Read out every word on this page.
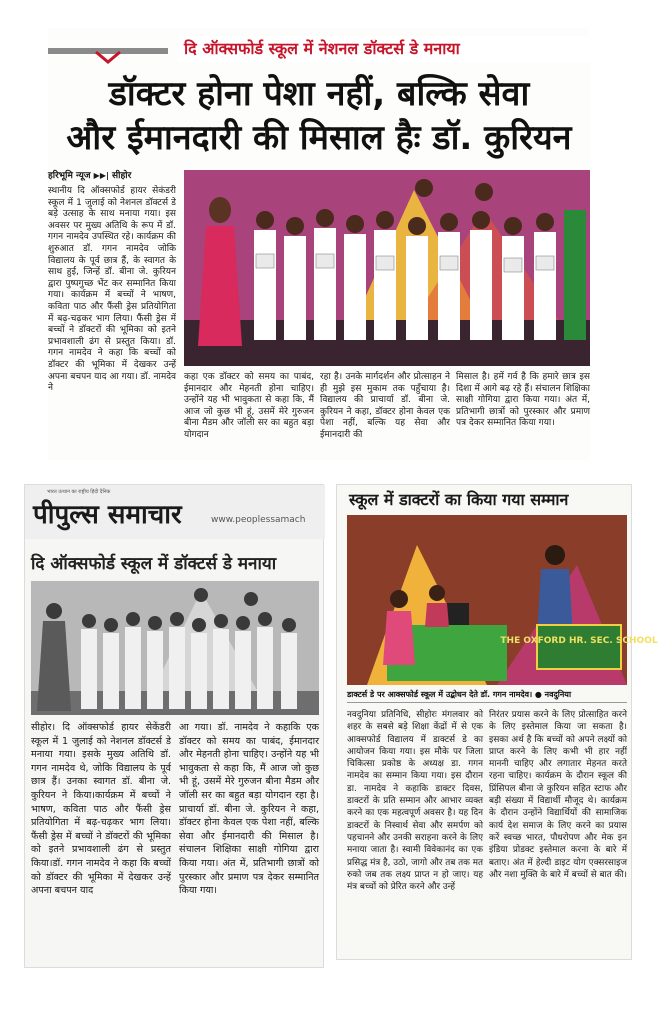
दि ऑक्सफोर्ड स्कूल में नेशनल डॉक्टर्स डे मनाया
डॉक्टर होना पेशा नहीं, बल्कि सेवा
और ईमानदारी की मिसाल हैः डॉ. कुरियन
हरिभूमि न्यूज ▶▶| सीहोर
स्थानीय दि ऑक्सफोर्ड हायर सेकंडरी स्कूल में 1 जुलाई को नेशनल डॉक्टर्स डे बड़े उत्साह के साथ मनाया गया। इस अवसर पर मुख्य अतिथि के रूप में डॉ. गगन नामदेव उपस्थित रहे। कार्यक्रम की शुरुआत डॉ. गगन नामदेव जोकि विद्यालय के पूर्व छात्र हैं, के स्वागत के साथ हुई, जिन्हें डॉ. बीना जे. कुरियन द्वारा पुष्पगुच्छ भेंट कर सम्मानित किया गया। कार्यक्रम में बच्चों ने भाषण, कविता पाठ और फैंसी ड्रेस प्रतियोगिता में बढ़-चढ़कर भाग लिया। फैंसी ड्रेस में बच्चों ने डॉक्टरों की भूमिका को इतने प्रभावशाली ढंग से प्रस्तुत किया। डॉ. गगन नामदेव ने कहा कि बच्चों को डॉक्टर की भूमिका में देखकर उन्हें अपना बचपन याद आ गया। डॉ. नामदेव ने
कहा एक डॉक्टर को समय का पाबंद, ईमानदार और मेहनती होना चाहिए। उन्होंने यह भी भावुकता से कहा कि, मैं आज जो कुछ भी हूं, उसमें मेरे गुरुजन बीना मैडम और जॉली सर का बहुत बड़ा योगदान
रहा है। उनके मार्गदर्शन और प्रोत्साहन ने ही मुझे इस मुकाम तक पहुँचाया है। विद्यालय की प्राचार्या डॉ. बीना जे. कुरियन ने कहा, डॉक्टर होना केवल एक पेशा नहीं, बल्कि यह सेवा और ईमानदारी की
मिसाल है। हमें गर्व है कि हमारे छात्र इस दिशा में आगे बढ़ रहे हैं। संचालन शिक्षिका साक्षी गोगिया द्वारा किया गया। अंत में, प्रतिभागी छात्रों को पुरस्कार और प्रमाण पत्र देकर सम्मानित किया गया।
भारत उत्थान का राष्ट्रीय हिंदी दैनिक
पीपुल्स समाचार	www.peoplessamach
दि ऑक्सफोर्ड स्कूल में डॉक्टर्स डे मनाया
सीहोर। दि ऑक्सफोर्ड हायर सेकेंडरी स्कूल में 1 जुलाई को नेशनल डॉक्टर्स डे मनाया गया। इसके मुख्य अतिथि डॉ. गगन नामदेव थे, जोकि विद्यालय के पूर्व छात्र हैं। उनका स्वागत डॉ. बीना जे. कुरियन ने किया।कार्यक्रम में बच्चों ने भाषण, कविता पाठ और फैंसी ड्रेस प्रतियोगिता में बढ़-चढ़कर भाग लिया। फैंसी ड्रेस में बच्चों ने डॉक्टरों की भूमिका को इतने प्रभावशाली ढंग से प्रस्तुत किया।डॉ. गगन नामदेव ने कहा कि बच्चों को डॉक्टर की भूमिका में देखकर उन्हें अपना बचपन याद
आ गया। डॉ. नामदेव ने कहाकि एक डॉक्टर को समय का पाबंद, ईमानदार और मेहनती होना चाहिए। उन्होंने यह भी भावुकता से कहा कि, मैं आज जो कुछ भी हूं, उसमें मेरे गुरुजन बीना मैडम और जॉली सर का बहुत बड़ा योगदान रहा है। प्राचार्या डॉ. बीना जे. कुरियन ने कहा, डॉक्टर होना केवल एक पेशा नहीं, बल्कि सेवा और ईमानदारी की मिसाल है। संचालन शिक्षिका साक्षी गोगिया द्वारा किया गया। अंत में, प्रतिभागी छात्रों को पुरस्कार और प्रमाण पत्र देकर सम्मानित किया गया।
स्कूल में डाक्टरों का किया गया सम्मान
THE OXFORD HR. SEC. SCHOOL
डाक्टर्स डे पर आक्सफोर्ड स्कूल में उद्बोधन देते डॉ. गगन नामदेव। ● नवदुनिया
नवदुनिया प्रतिनिधि, सीहोरः मंगलवार को शहर के सबसे बड़े शिक्षा केंद्रों में से एक आक्सफोर्ड विद्यालय में डाक्टर्स डे का आयोजन किया गया। इस मौके पर जिला चिकित्सा प्रकोष्ठ के अध्यक्ष डा. गगन नामदेव का सम्मान किया गया। इस दौरान डा. नामदेव ने कहाकि डाक्टर दिवस, डाक्टरों के प्रति सम्मान और आभार व्यक्त करने का एक महत्वपूर्ण अवसर है। यह दिन डाक्टरों के निस्वार्थ सेवा और समर्पण को पहचानने और उनकी सराहना करने के लिए मनाया जाता है। स्वामी विवेकानंद का एक प्रसिद्ध मंत्र है, उठो, जागो और तब तक मत रुको जब तक लक्ष्य प्राप्त न हो जाए। यह मंत्र बच्चों को प्रेरित करने और उन्हें
निरंतर प्रयास करने के लिए प्रोत्साहित करने के लिए इस्तेमाल किया जा सकता है। इसका अर्थ है कि बच्चों को अपने लक्ष्यों को प्राप्त करने के लिए कभी भी हार नहीं माननी चाहिए और लगातार मेहनत करते रहना चाहिए। कार्यक्रम के दौरान स्कूल की प्रिंसिपल बीना जे कुरियन सहित स्टाफ और बड़ी संख्या में विद्यार्थी मौजूद थे। कार्यक्रम के दौरान उन्होंने विद्यार्थियों की सामाजिक कार्य देश समाज के लिए करने का प्रयास करें स्वच्छ भारत, पौधरोपण और मेक इन इंडिया प्रोडक्ट इस्तेमाल करना के बारे में बताए। अंत में हेल्दी डाइट योग एक्सरसाइज और नशा मुक्ति के बारे में बच्चों से बात की।
